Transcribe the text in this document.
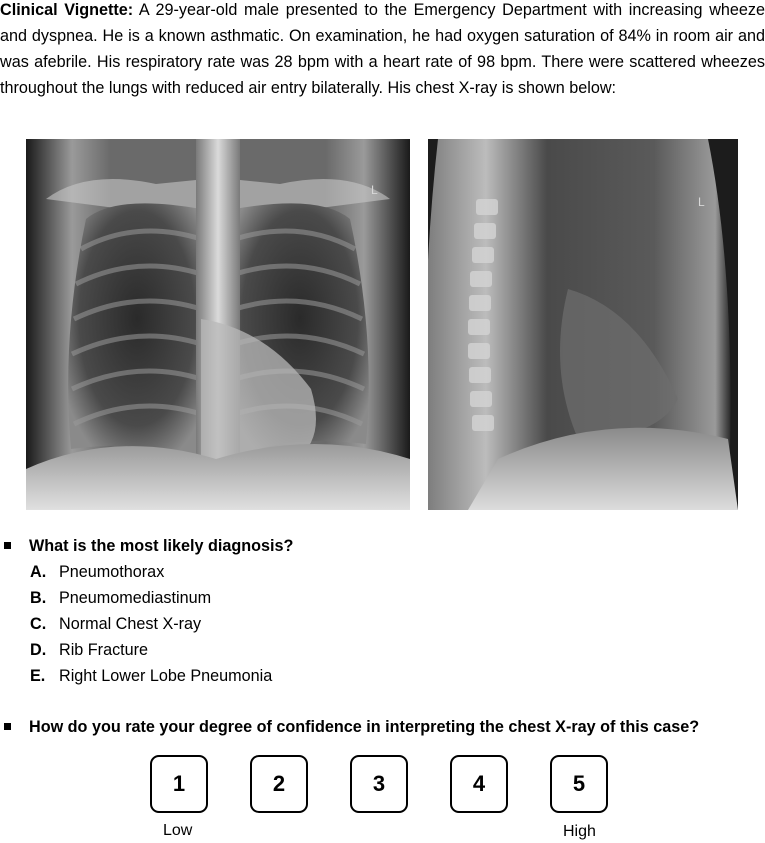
Clinical Vignette: A 29-year-old male presented to the Emergency Department with increasing wheeze and dyspnea. He is a known asthmatic. On examination, he had oxygen saturation of 84% in room air and was afebrile. His respiratory rate was 28 bpm with a heart rate of 98 bpm. There were scattered wheezes throughout the lungs with reduced air entry bilaterally. His chest X-ray is shown below:
L
L
What is the most likely diagnosis?
A. Pneumothorax
B. Pneumomediastinum
C. Normal Chest X-ray
D. Rib Fracture
E. Right Lower Lobe Pneumonia
How do you rate your degree of confidence in interpreting the chest X-ray of this case?
1	2	3	4	5
Low	High
